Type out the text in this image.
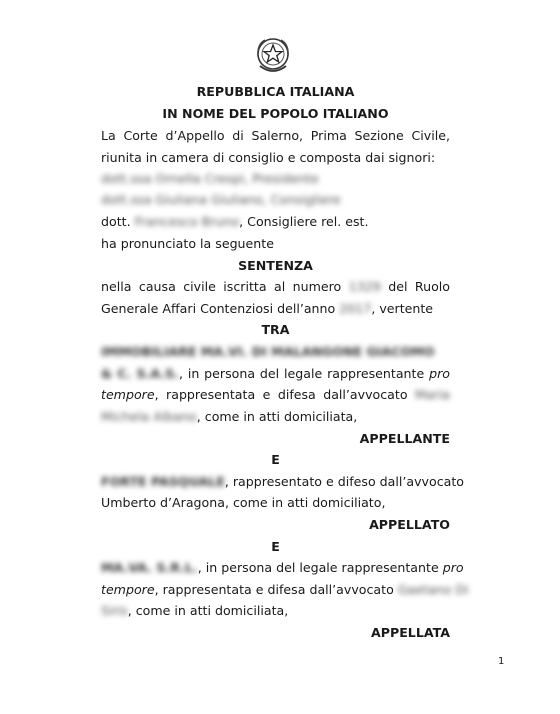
REPUBBLICA ITALIANA
IN NOME DEL POPOLO ITALIANO
La Corte d’Appello di Salerno, Prima Sezione Civile,
riunita in camera di consiglio e composta dai signori:
dott.ssa Ornella Crespi, Presidente
dott.ssa Giuliana Giuliano, Consigliere
dott. Francesco Bruno, Consigliere rel. est.
ha pronunciato la seguente
SENTENZA
nella causa civile iscritta al numero 1329 del Ruolo
Generale Affari Contenziosi dell’anno 2017, vertente
TRA
IMMOBILIARE MA.VI. DI MALANGONE GIACOMO
& C. S.A.S., in persona del legale rappresentante pro
tempore, rappresentata e difesa dall’avvocato Maria
Michela Albano, come in atti domiciliata,
APPELLANTE
E
FORTE PASQUALE, rappresentato e difeso dall’avvocato
Umberto d’Aragona, come in atti domiciliato,
APPELLATO
E
MA.VA. S.R.L., in persona del legale rappresentante pro
tempore, rappresentata e difesa dall’avvocato Gaetano Di
Siris, come in atti domiciliata,
APPELLATA
1
